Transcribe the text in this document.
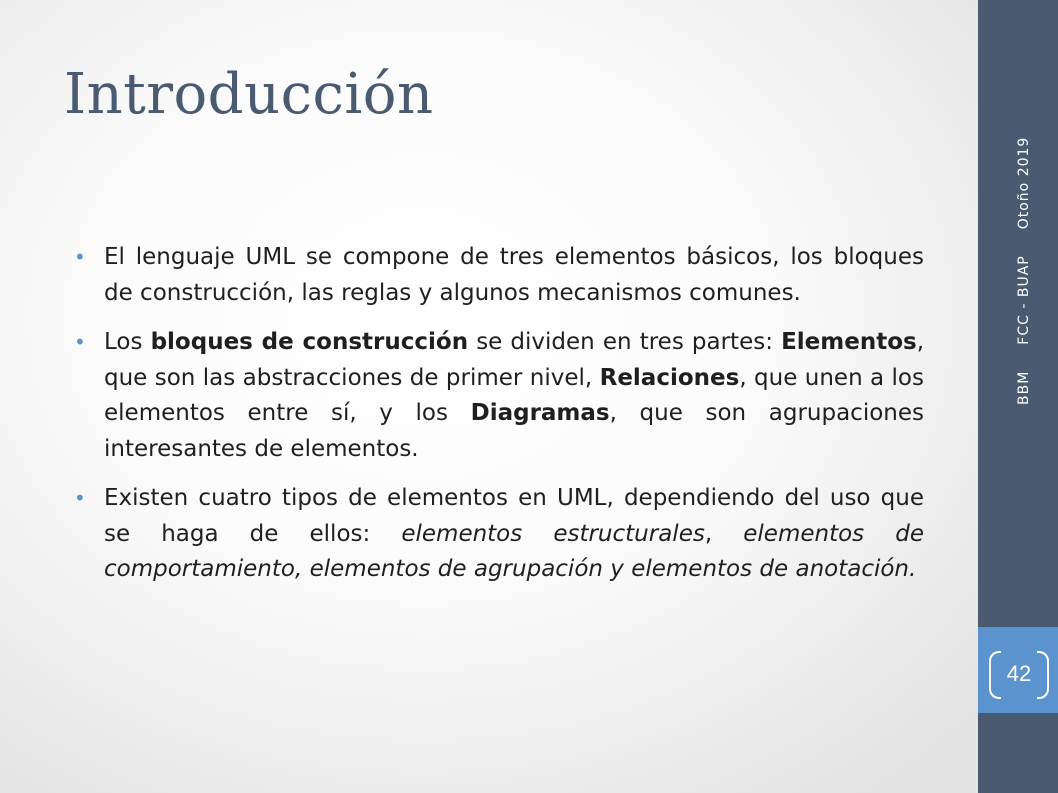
Introducción
• El lenguaje UML se compone de tres elementos básicos, los bloques de construcción, las reglas y algunos mecanismos comunes.
• Los bloques de construcción se dividen en tres partes: Elementos, que son las abstracciones de primer nivel, Relaciones, que unen a los elementos entre sí, y los Diagramas, que son agrupaciones interesantes de elementos.
• Existen cuatro tipos de elementos en UML, dependiendo del uso que se haga de ellos: elementos estructurales, elementos de comportamiento, elementos de agrupación y elementos de anotación.
BBMFCC - BUAPOtoño 2019
42
